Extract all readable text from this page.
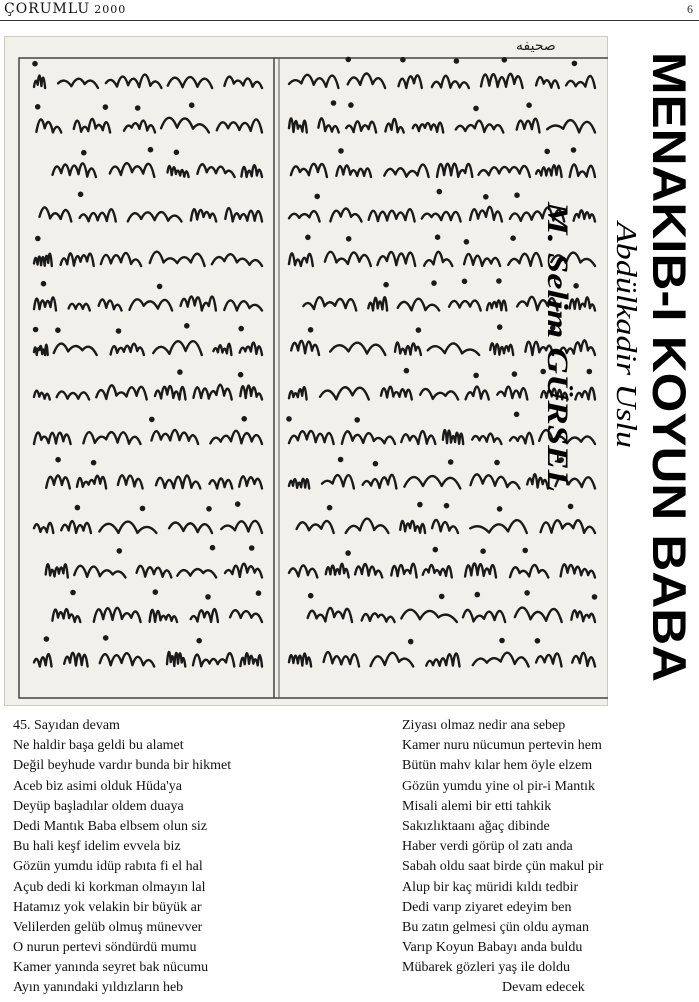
ÇORUMLU 2000	6
صحيفه
MENAKIB-I KOYUN BABA
Abdülkadir Uslu
M. Selim GÜRSEL
45. Sayıdan devam
Ne haldir başa geldi bu alamet
Değil beyhude vardır bunda bir hikmet
Aceb biz asimi olduk Hüda'ya
Deyüp başladılar oldem duaya
Dedi Mantık Baba elbsem olun siz
Bu hali keşf idelim evvela biz
Gözün yumdu idüp rabıta fi el hal
Açub dedi ki korkman olmayın lal
Hatamız yok velakin bir büyük ar
Velilerden gelüb olmuş münevver
O nurun pertevi söndürdü mumu
Kamer yanında seyret bak nücumu
Ayın yanındaki yıldızların heb
Ziyası olmaz nedir ana sebep
Kamer nuru nücumun pertevin hem
Bütün mahv kılar hem öyle elzem
Gözün yumdu yine ol pir-i Mantık
Misali alemi bir etti tahkik
Sakızlıktaanı ağaç dibinde
Haber verdi görüp ol zatı anda
Sabah oldu saat birde çün makul pir
Alup bir kaç müridi kıldı tedbir
Dedi varıp ziyaret edeyim ben
Bu zatın gelmesi çün oldu ayman
Varıp Koyun Babayı anda buldu
Mübarek gözleri yaş ile doldu
Devam edecek
